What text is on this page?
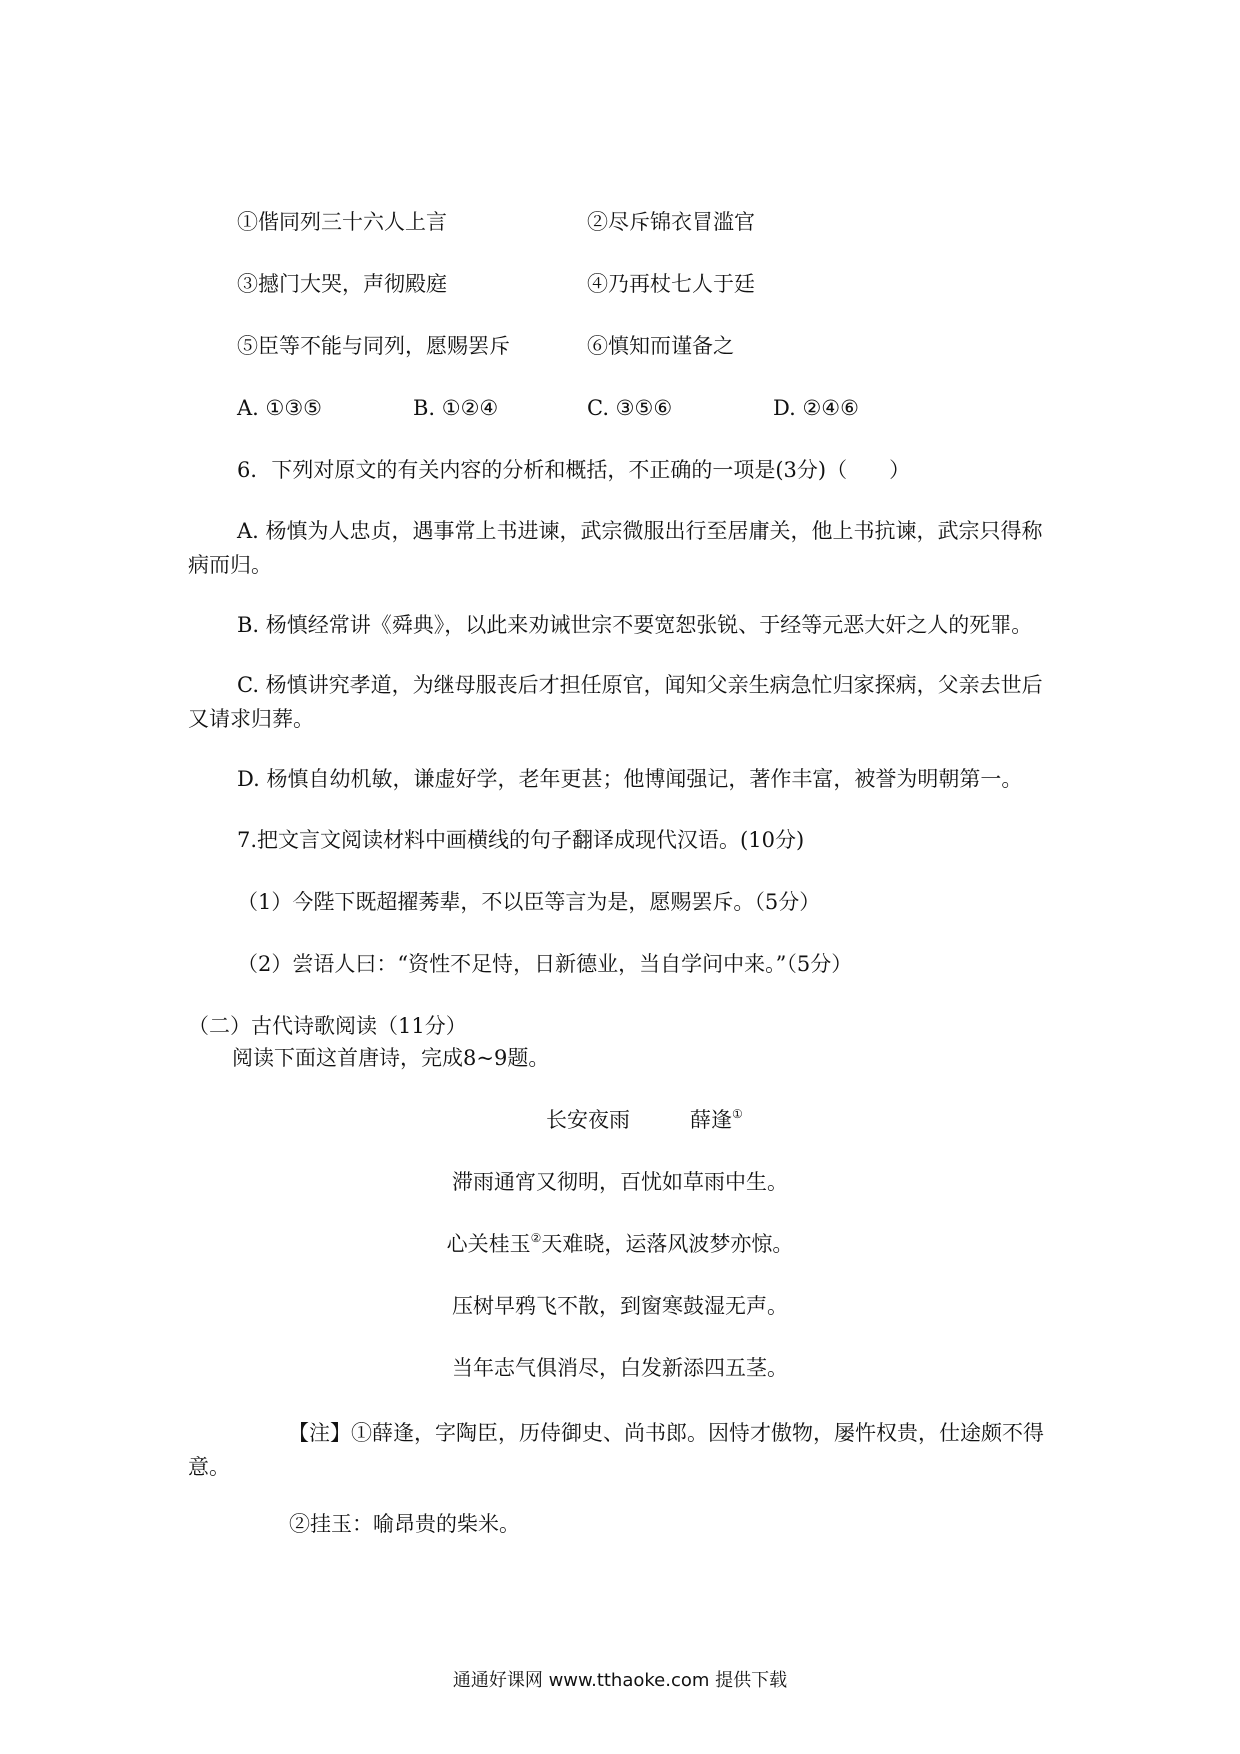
①偕同列三十六人上言	②尽斥锦衣冒滥官
③撼门大哭，声彻殿庭	④乃再杖七人于廷
⑤臣等不能与同列，愿赐罢斥	⑥慎知而谨备之
A. ①③⑤	B. ①②④	C. ③⑤⑥	D. ②④⑥
6．下列对原文的有关内容的分析和概括，不正确的一项是(3分)（　　）
A. 杨慎为人忠贞，遇事常上书进谏，武宗微服出行至居庸关，他上书抗谏，武宗只得称病而归。
B. 杨慎经常讲《舜典》，以此来劝诫世宗不要宽恕张锐、于经等元恶大奸之人的死罪。
C. 杨慎讲究孝道，为继母服丧后才担任原官，闻知父亲生病急忙归家探病，父亲去世后又请求归葬。
D. 杨慎自幼机敏，谦虚好学，老年更甚；他博闻强记，著作丰富，被誉为明朝第一。
7.把文言文阅读材料中画横线的句子翻译成现代汉语。(10分)
（1）今陛下既超擢莠辈，不以臣等言为是，愿赐罢斥。（5分）
（2）尝语人曰：“资性不足恃，日新德业，当自学问中来。”（5分）
（二）古代诗歌阅读（11分）
阅读下面这首唐诗，完成8~9题。
长安夜雨	薛逢①
滞雨通宵又彻明，百忧如草雨中生。
心关桂玉②天难晓，运落风波梦亦惊。
压树早鸦飞不散，到窗寒鼓湿无声。
当年志气俱消尽，白发新添四五茎。
【注】①薛逢，字陶臣，历侍御史、尚书郎。因恃才傲物，屡忤权贵，仕途颇不得意。
②挂玉：喻昂贵的柴米。
通通好课网 www.tthaoke.com 提供下载
